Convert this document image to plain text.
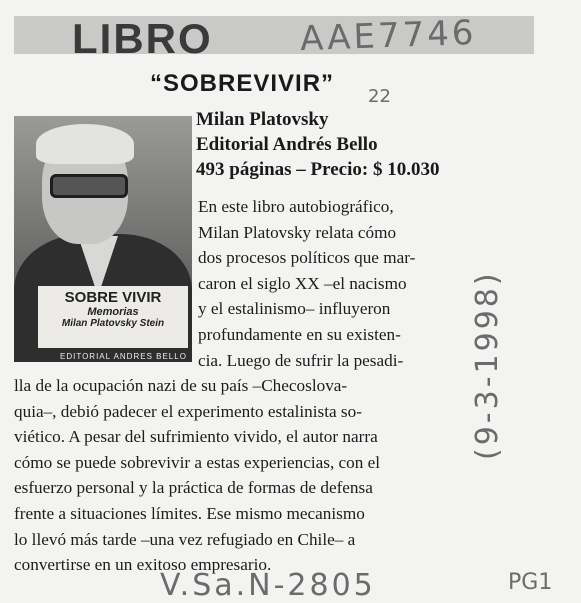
LIBRO	AAE7746
22
“SOBREVIVIR”
Milan Platovsky
Editorial Andrés Bello
493 páginas – Precio: $ 10.030
SOBRE VIVIR
Memorias
Milan Platovsky Stein
EDITORIAL ANDRES BELLO
En este libro autobiográfico,
Milan Platovsky relata cómo
dos procesos políticos que mar-
caron el siglo XX –el nacismo
y el estalinismo– influyeron
profundamente en su existen-
cia. Luego de sufrir la pesadi-
lla de la ocupación nazi de su país –Checoslova-
quia–, debió padecer el experimento estalinista so-
viético. A pesar del sufrimiento vivido, el autor narra
cómo se puede sobrevivir a estas experiencias, con el
esfuerzo personal y la práctica de formas de defensa
frente a situaciones límites. Ese mismo mecanismo
lo llevó más tarde –una vez refugiado en Chile– a
convertirse en un exitoso empresario.
(9-3-1998)
V.Sa.N-2805	PG1
